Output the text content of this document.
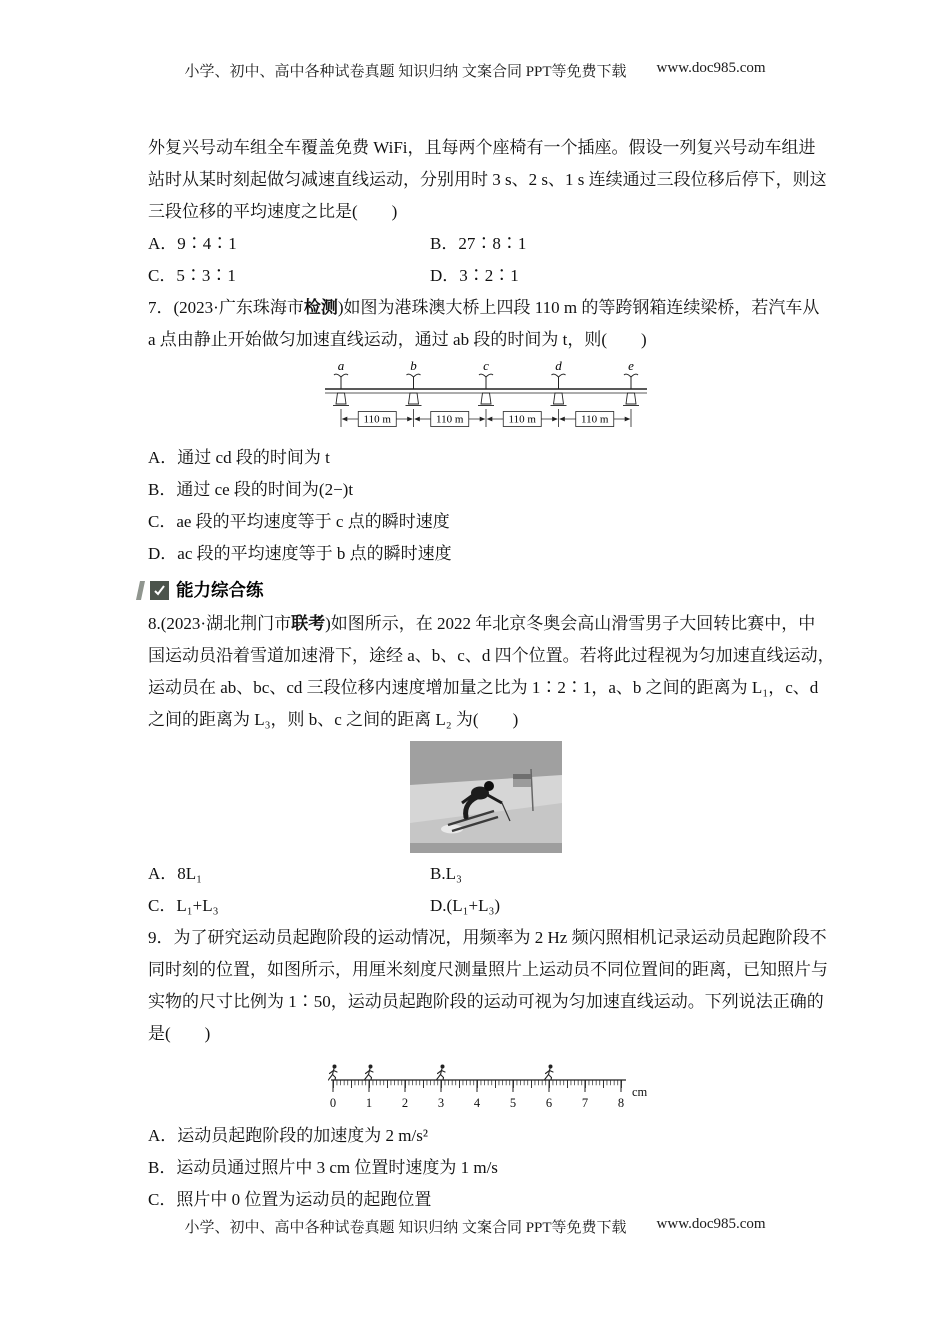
小学、初中、高中各种试卷真题 知识归纳 文案合同 PPT等免费下载 www.doc985.com
外复兴号动车组全车覆盖免费 WiFi，且每两个座椅有一个插座。假设一列复兴号动车组进
站时从某时刻起做匀减速直线运动，分别用时 3 s、2 s、1 s 连续通过三段位移后停下，则这
三段位移的平均速度之比是(　　)
A．9∶4∶1	B．27∶8∶1
C．5∶3∶1	D．3∶2∶1
7．(2023·广东珠海市检测)如图为港珠澳大桥上四段 110 m 的等跨钢箱连续梁桥，若汽车从
a 点由静止开始做匀加速直线运动，通过 ab 段的时间为 t，则(　　)
a	b	c	d	e
110 m	110 m	110 m	110 m
A．通过 cd 段的时间为 t
B．通过 ce 段的时间为(2−)t
C．ae 段的平均速度等于 c 点的瞬时速度
D．ac 段的平均速度等于 b 点的瞬时速度
能力综合练
8.(2023·湖北荆门市联考)如图所示，在 2022 年北京冬奥会高山滑雪男子大回转比赛中，中
国运动员沿着雪道加速滑下，途经 a、b、c、d 四个位置。若将此过程视为匀加速直线运动，
运动员在 ab、bc、cd 三段位移内速度增加量之比为 1∶2∶1，a、b 之间的距离为 L₁，c、d
之间的距离为 L₃，则 b、c 之间的距离 L₂ 为(　　)
A．8L₁	B.L₃
C．L₁+L₃	D.(L₁+L₃)
9．为了研究运动员起跑阶段的运动情况，用频率为 2 Hz 频闪照相机记录运动员起跑阶段不
同时刻的位置，如图所示，用厘米刻度尺测量照片上运动员不同位置间的距离，已知照片与
实物的尺寸比例为 1∶50，运动员起跑阶段的运动可视为匀加速直线运动。下列说法正确的
是(　　)
0 1 2 3 4 5 6 7 8
cm
A．运动员起跑阶段的加速度为 2 m/s²
B．运动员通过照片中 3 cm 位置时速度为 1 m/s
C．照片中 0 位置为运动员的起跑位置
小学、初中、高中各种试卷真题 知识归纳 文案合同 PPT等免费下载 www.doc985.com
